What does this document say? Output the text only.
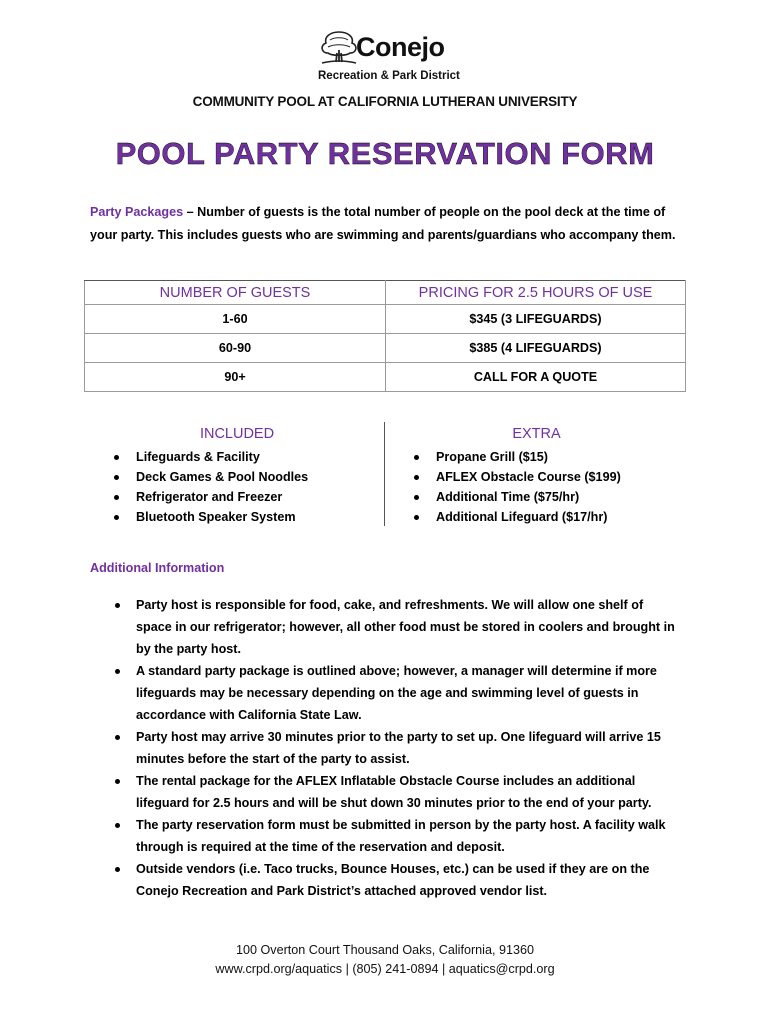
Conejo
Recreation & Park District
COMMUNITY POOL AT CALIFORNIA LUTHERAN UNIVERSITY
POOL PARTY RESERVATION FORM
Party Packages – Number of guests is the total number of people on the pool deck at the time of your party. This includes guests who are swimming and parents/guardians who accompany them.
NUMBER OF GUESTS	PRICING FOR 2.5 HOURS OF USE
1-60	$345 (3 LIFEGUARDS)
60-90	$385 (4 LIFEGUARDS)
90+	CALL FOR A QUOTE
INCLUDED
Lifeguards & Facility
Deck Games & Pool Noodles
Refrigerator and Freezer
Bluetooth Speaker System
EXTRA
Propane Grill ($15)
AFLEX Obstacle Course ($199)
Additional Time ($75/hr)
Additional Lifeguard ($17/hr)
Additional Information
Party host is responsible for food, cake, and refreshments. We will allow one shelf of space in our refrigerator; however, all other food must be stored in coolers and brought in by the party host.
A standard party package is outlined above; however, a manager will determine if more lifeguards may be necessary depending on the age and swimming level of guests in accordance with California State Law.
Party host may arrive 30 minutes prior to the party to set up. One lifeguard will arrive 15 minutes before the start of the party to assist.
The rental package for the AFLEX Inflatable Obstacle Course includes an additional lifeguard for 2.5 hours and will be shut down 30 minutes prior to the end of your party.
The party reservation form must be submitted in person by the party host. A facility walk through is required at the time of the reservation and deposit.
Outside vendors (i.e. Taco trucks, Bounce Houses, etc.) can be used if they are on the Conejo Recreation and Park District’s attached approved vendor list.
100 Overton Court Thousand Oaks, California, 91360
www.crpd.org/aquatics | (805) 241-0894 | aquatics@crpd.org
